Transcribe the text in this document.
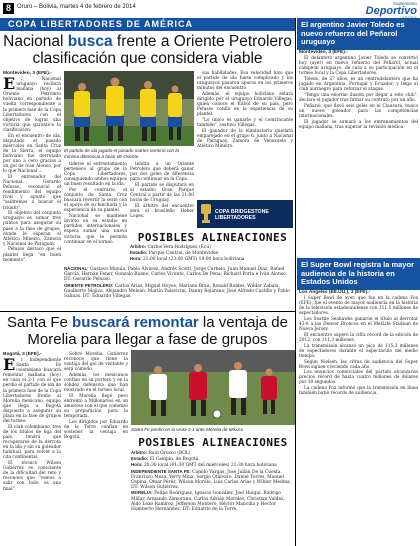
8	Oruro – Bolivia, martes 4 de febrero de 2014
Suplemento
Deportivo
COPA LIBERTADORES DE AMÉRICA
Nacional busca frente a Oriente Petrolero clasificación que considera viable
Montevideo, 3 (EFE).-
E	l Nacional uruguayo recibirá mañana (hoy) al Oriente Petrolero boliviano en partido de vuelta correspondiente a la primera fase de la Copa Libertadores con el objetivo de lograr una victoria que garantice la clasificación.

En el encuentro de ida, disputado el pasado miércoles en Santa Cruz de la Sierra, el equipo boliviano fue derrotado por uno a cero gracias a un gol de Iván Alonso, por lo que Nacional ...

El entrenador del Nacional, Gerardo Pelusso, reconoció el rendimiento del equipo rival y apuntó que "saldremos a buscar el triunfo".

El objetivo del conjunto uruguayo es sumar tres puntos para asegurar su pase a la fase de grupos, donde le esperan el Atlético Mineiro, Zamora y Nacional de Paraguay.

Pelusso destacó que el plantel llega "en buen momento".

sus habilidades. Esa velocidad hizo que el partido de ida fuese complicado y los uruguayos pasaron apuros en los primeros minutos del encuentro.

Además, el equipo boliviano estará dirigido por el uruguayo Eduardo Villegas, quien conoce el fútbol de su país, pero Pelusso confía en la experiencia de su plantel.

"Lo único es ganarle y el contrincante también", sostuvo Villegas.

El ganador de la eliminatoria quedará emparejado en el grupo 6, junto a Nacional de Paraguay, Zamora de Venezuela y Atlético Mineiro.

COPA BRIDGESTONE LIBERTADORES
El partido de ida jugado el pasado martes terminó con la mínima diferencia a favor de Oriente

tiderso el enfrentamiento pertenece al grupo de la Copa Libertadores, consiguiendo ambos equipos un buen resultado en la ida.

Por el contrario, el conjunto de Santa Cruz buscará revertir la serie con el apoyo de su hinchada y la experiencia de su plantel.

Nacional se mantiene invicto en su estadio en partidos internacionales y espera sumar una nueva victoria que le permita continuar en el torneo.

tendrá a un Oriente Petrolero que deberá ganar por dos goles de diferencia para continuar en la Copa.

El partido se disputará en el estadio Gran Parque Central a partir de las 21:00 horas de Uruguay.

El árbitro del encuentro será el brasileño Heber Lopes.

POSIBLES ALINEACIONES
Árbitro: Carlos Vera Rodríguez (Ecu)
Estadio: Parque Central, de Montevideo
Hora: 21:00 local (23:00 GMT) 19:00 hora boliviana
NACIONAL: Gustavo Munúa, Pablo Álvarez, Andrés Scotti, Jorge Curbelo, Juan Manuel Díaz, Rafael García, Hernán Fener, Gonzalo Bueno, Carlos Vicente, Carlos De Pena; Richard Porta e Iván Alonso. DT: Gerardo Pelusso.
ORIENTE PETROLERO: Carlos Arias, Miguel Hoyos, Mariano Brau, Ronald Raldes, Wilder Zabala, Gualberto Mojica, Alejandro Meleán, Martín Palavicini, Danny Bejarano; José Alfredo Castillo y Pablo Salinas. DT: Eduardo Villegas.
Santa Fe buscará remontar la ventaja de Morelia para llegar a fase de grupos
Bogotá, 3 (EFE).-
E	l Independiente Santa Fe colombiano buscará remontar mañana (hoy) en casa el 2-1 con el que perdió el partido de ida de la primera fase de la Copa Libertadores frente al Morelia mexicano, equipo que llega a Bogotá dispuesto a asegurar su plaza en la fase de grupos del torneo.

El club colombiano, tres de los títulos de liga del país, tendrá que recuperarse de la derrota en la ida y sin su goleador habitual, para volver a la cita continental.

El técnico Wilson Gutiérrez es consciente de la dificultad del reto y reconoce que "vamos a salir con todo, es una final".

Sobre Morelia, Gutiérrez reconoce que tiene la ventaja del gol de visitante y será cómodo.

Además, los mexicanos confían en su portero y en la solidez defensiva que han mostrado en el torneo local.

El Morelia llegó pero enfrentó a Millonarios en un amistoso con el que comenzó su preparación para la temporada.

Los dirigidos por Eduardo de la Torre confían en sostener la ventaja en Bogotá.

Santa Fe perdió en la visita 2-1 ante Morelia de México
POSIBLES ALINEACIONES
Árbitro: Raúl Orosco (BOL)
Estadio: El Campín, de Bogotá
Hora: 20:30 local (01:30 GMT del miércoles) 21:30 hora boliviana
INDEPENDIENTE SANTA FE: Camilo Vargas, José Julián De la Cuesta, Francisco Meza, Yerry Mina, Sergio Otálvaro, Daniel Torres, Manuel Ospina, Omar Pérez, Wilson Morelo, Luis Carlos Arias y Wilder Medina. DT: Wilson Gutiérrez.
MORELIA: Felipe Rodríguez, Ignacio González, Joel Huiqui, Rodrigo Millar, Armando Zamorano, Carlos Adrián Morales, Christian Valdez, Aldo Leao Ramírez, Jefferson Montero, Héctor Mancilla y Hector Humberto Hernández. DT: Eduardo de la Torre.
El argentino Javier Toledo es nuevo refuerzo del Peñarol uruguayo
Montevideo, 3 (EFE).-

El delantero argentino Javier Toledo se convirtió hoy (ayer) en nuevo refuerzo del Peñarol, actual campeón uruguayo, de cara a su participación en el torneo local y la Copa Libertadores.

Toledo, de 27 años, es un centrodelantero que ha jugado en Argentina, Portugal y Ecuador, y llega al club aurinegro para reforzar el ataque.

"Tengo una enorme ilusión por llegar a este club", declaró el jugador tras firmar su contrato por un año.

Peñarol, que llevó seis goles en el Clausura, busca un nueve goleador para las competencias internacionales.

El jugador se sumará a los entrenamientos del equipo mañana, tras superar la revisión médica.

El Super Bowl registra la mayor audiencia de la historia en Estados Unidos
Los Ángeles (EE.UU.), 3 (EFE).-

l Super Bowl de ayer, que fue en la cadena Fox (EFE), fue el evento de mayor audiencia en la historia de la televisión estadounidense con 111,5 millones de espectadores.

Los Seattle Seahawks ganaron el título al derrotar 43-8 a los Denver Broncos en el MetLife Stadium de Nueva Jersey.

El encuentro superó la cifra récord de la edición de 2012, con 111,3 millones.

La transmisión alcanzó un pico de 115,3 millones de espectadores durante el espectáculo del medio tiempo.

Según Nielsen, las cifras de audiencia del Super Bowl siguen creciendo cada año.

Los anuncios comerciales del partido alcanzaron precios récord de hasta cuatro millones de dólares por 30 segundos.

La cadena Fox informó que la transmisión en línea también batió récords de audiencia.
